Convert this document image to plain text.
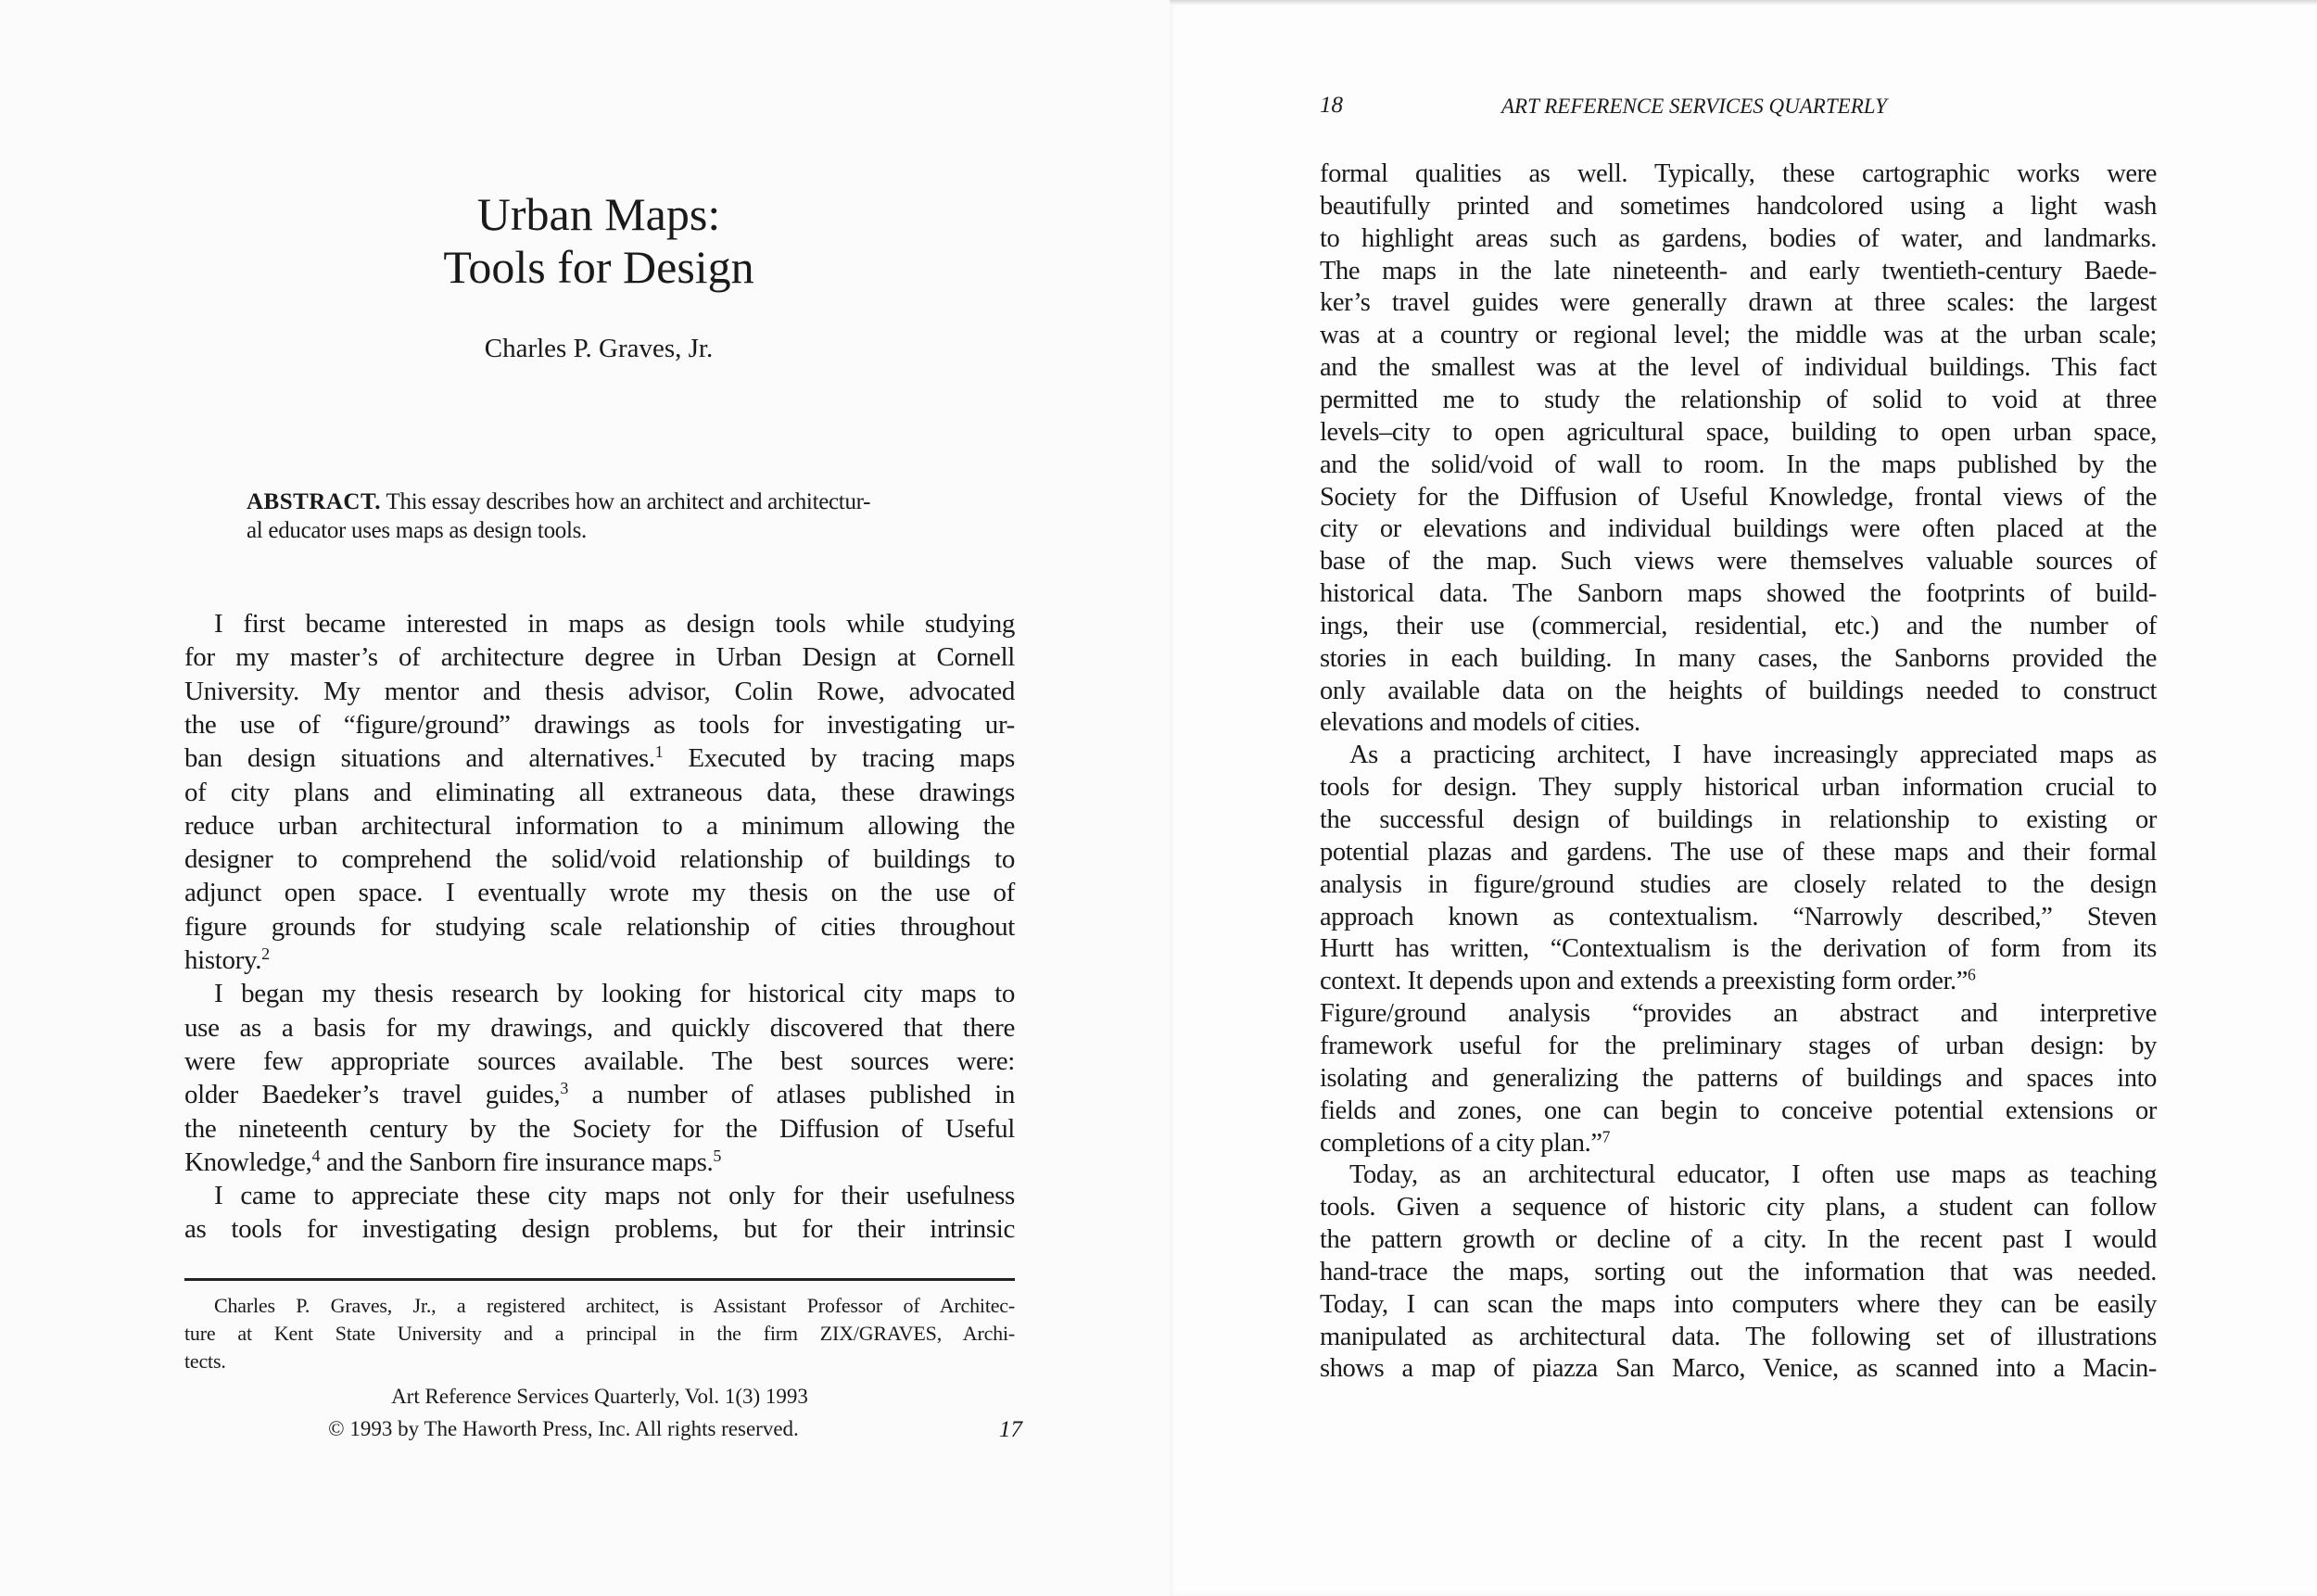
Urban Maps:
Tools for Design
Charles P. Graves, Jr.
ABSTRACT. This essay describes how an architect and architectur-
al educator uses maps as design tools.
I first became interested in maps as design tools while studying
for my master’s of architecture degree in Urban Design at Cornell
University. My mentor and thesis advisor, Colin Rowe, advocated
the use of “figure/ground” drawings as tools for investigating ur-
ban design situations and alternatives.$^1$ Executed by tracing maps
of city plans and eliminating all extraneous data, these drawings
reduce urban architectural information to a minimum allowing the
designer to comprehend the solid/void relationship of buildings to
adjunct open space. I eventually wrote my thesis on the use of
figure grounds for studying scale relationship of cities throughout
history.$^2$
I began my thesis research by looking for historical city maps to
use as a basis for my drawings, and quickly discovered that there
were few appropriate sources available. The best sources were:
older Baedeker’s travel guides,$^3$ a number of atlases published in
the nineteenth century by the Society for the Diffusion of Useful
Knowledge,$^4$ and the Sanborn fire insurance maps.$^5$
I came to appreciate these city maps not only for their usefulness
as tools for investigating design problems, but for their intrinsic
Charles P. Graves, Jr., a registered architect, is Assistant Professor of Architec-
ture at Kent State University and a principal in the firm ZIX/GRAVES, Archi-
tects.
Art Reference Services Quarterly, Vol. 1(3) 1993
© 1993 by The Haworth Press, Inc. All rights reserved.	17
18	ART REFERENCE SERVICES QUARTERLY
formal qualities as well. Typically, these cartographic works were
beautifully printed and sometimes handcolored using a light wash
to highlight areas such as gardens, bodies of water, and landmarks.
The maps in the late nineteenth- and early twentieth-century Baede-
ker’s travel guides were generally drawn at three scales: the largest
was at a country or regional level; the middle was at the urban scale;
and the smallest was at the level of individual buildings. This fact
permitted me to study the relationship of solid to void at three
levels–city to open agricultural space, building to open urban space,
and the solid/void of wall to room. In the maps published by the
Society for the Diffusion of Useful Knowledge, frontal views of the
city or elevations and individual buildings were often placed at the
base of the map. Such views were themselves valuable sources of
historical data. The Sanborn maps showed the footprints of build-
ings, their use (commercial, residential, etc.) and the number of
stories in each building. In many cases, the Sanborns provided the
only available data on the heights of buildings needed to construct
elevations and models of cities.
As a practicing architect, I have increasingly appreciated maps as
tools for design. They supply historical urban information crucial to
the successful design of buildings in relationship to existing or
potential plazas and gardens. The use of these maps and their formal
analysis in figure/ground studies are closely related to the design
approach known as contextualism. “Narrowly described,” Steven
Hurtt has written, “Contextualism is the derivation of form from its
context. It depends upon and extends a preexisting form order.”$^6$
Figure/ground analysis “provides an abstract and interpretive
framework useful for the preliminary stages of urban design: by
isolating and generalizing the patterns of buildings and spaces into
fields and zones, one can begin to conceive potential extensions or
completions of a city plan.”$^7$
Today, as an architectural educator, I often use maps as teaching
tools. Given a sequence of historic city plans, a student can follow
the pattern growth or decline of a city. In the recent past I would
hand-trace the maps, sorting out the information that was needed.
Today, I can scan the maps into computers where they can be easily
manipulated as architectural data. The following set of illustrations
shows a map of piazza San Marco, Venice, as scanned into a Macin-
